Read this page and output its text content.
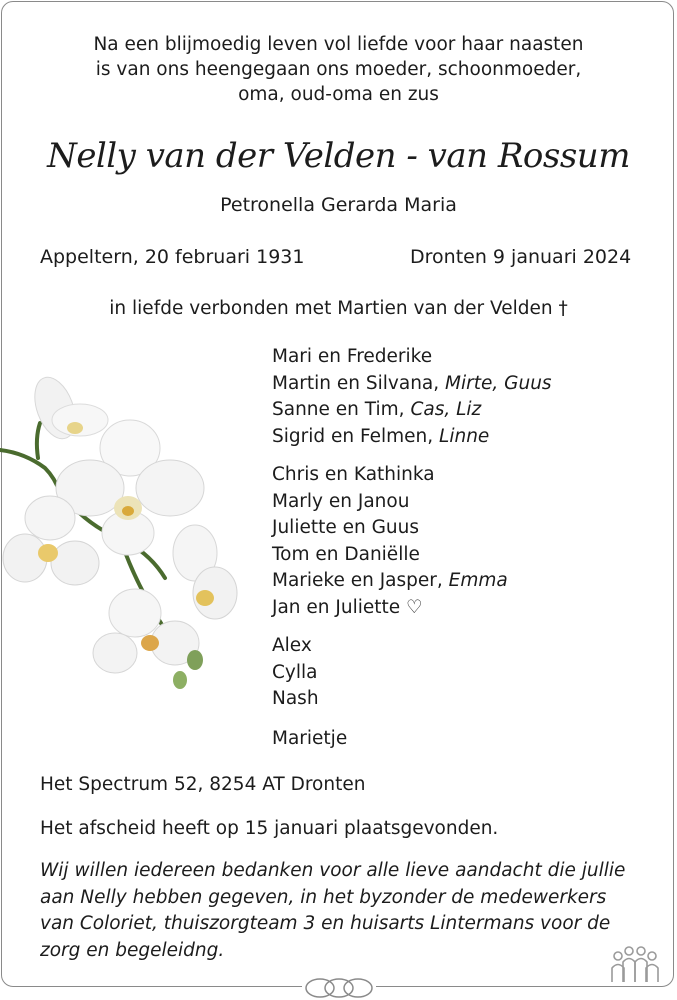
Na een blijmoedig leven vol liefde voor haar naasten
is van ons heengegaan ons moeder, schoonmoeder,
oma, oud-oma en zus
Nelly van der Velden - van Rossum
Petronella Gerarda Maria
Appeltern, 20 februari 1931	Dronten 9 januari 2024
in liefde verbonden met Martien van der Velden †
Mari en Frederike
Martin en Silvana, Mirte, Guus
Sanne en Tim, Cas, Liz
Sigrid en Felmen, Linne
Chris en Kathinka
Marly en Janou
Juliette en Guus
Tom en Daniëlle
Marieke en Jasper, Emma
Jan en Juliette ♡
Alex
Cylla
Nash
Marietje
Het Spectrum 52, 8254 AT Dronten
Het afscheid heeft op 15 januari plaatsgevonden.
Wij willen iedereen bedanken voor alle lieve aandacht die jullie
aan Nelly hebben gegeven, in het byzonder de medewerkers
van Coloriet, thuiszorgteam 3 en huisarts Lintermans voor de
zorg en begeleidng.
